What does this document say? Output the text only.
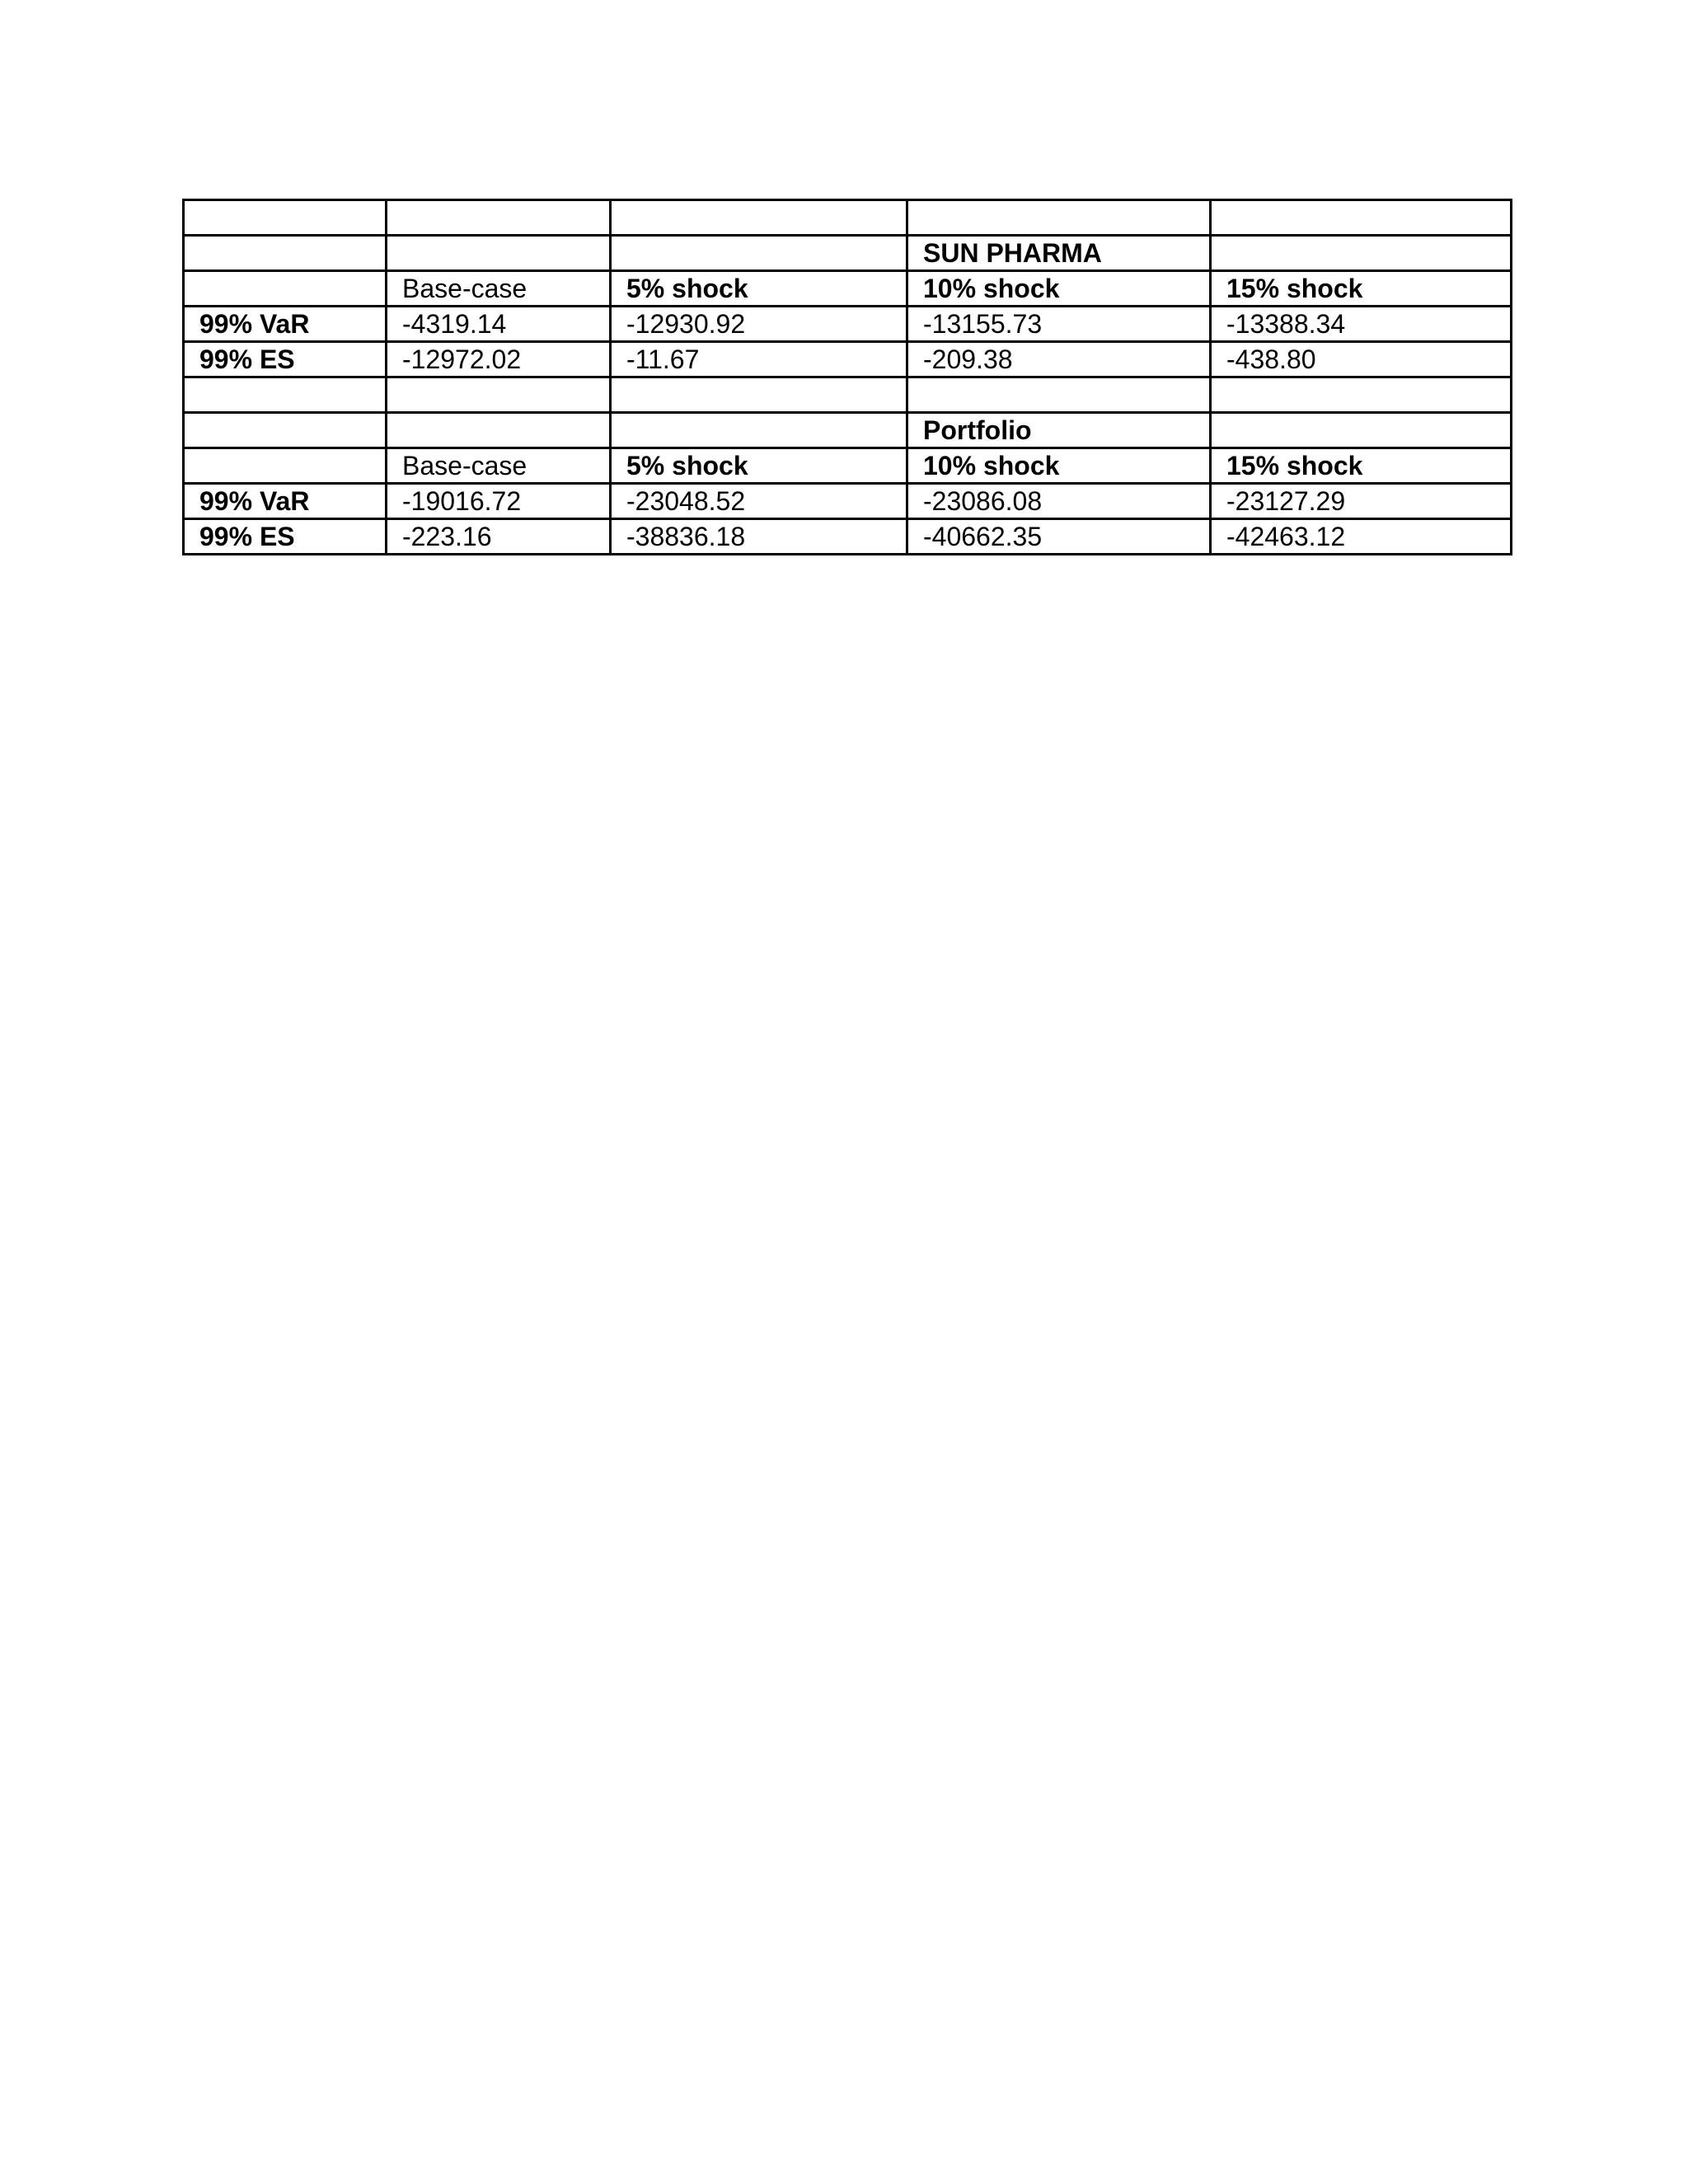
			SUN PHARMA	
	Base-case	5% shock	10% shock	15% shock
99% VaR	-4319.14	-12930.92	-13155.73	-13388.34
99% ES	-12972.02	-11.67	-209.38	-438.80

			Portfolio	
	Base-case	5% shock	10% shock	15% shock
99% VaR	-19016.72	-23048.52	-23086.08	-23127.29
99% ES	-223.16	-38836.18	-40662.35	-42463.12
